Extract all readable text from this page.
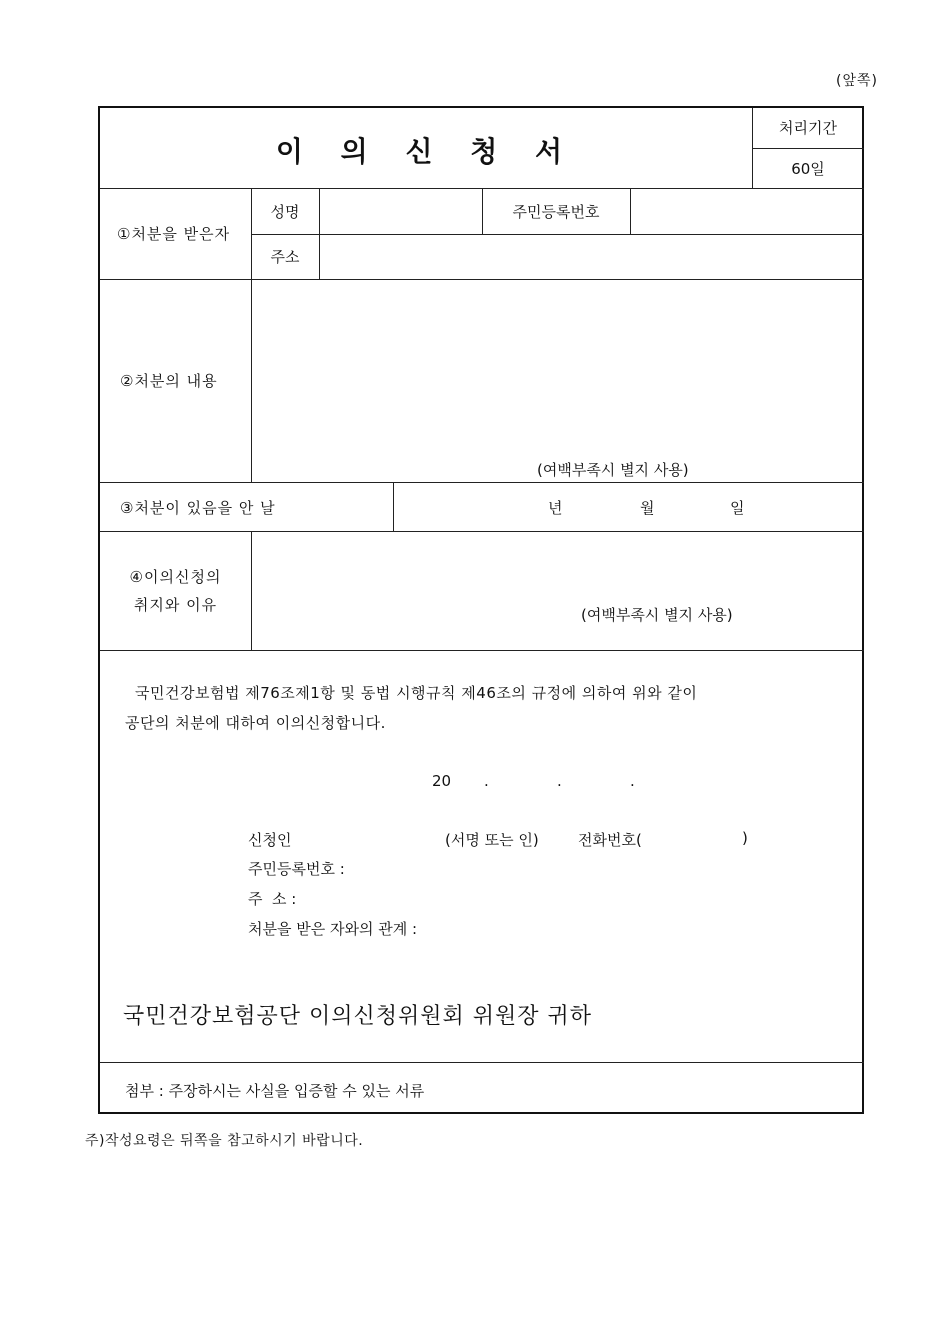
(앞쪽)
이 의 신 청 서
처리기간
60일
①처분을 받은자
성명	주민등록번호
주소
②처분의 내용
(여백부족시 별지 사용)
③처분이 있음을 안 날	년	월	일
④이의신청의
취지와 이유
(여백부족시 별지 사용)
국민건강보험법 제76조제1항 및 동법 시행규칙 제46조의 규정에 의하여 위와 같이
공단의 처분에 대하여 이의신청합니다.
20 .	.	.
신청인	(서명 또는 인)	전화번호(	)
주민등록번호 :
주  소 :
처분을 받은 자와의 관계 :
국민건강보험공단 이의신청위원회 위원장 귀하
첨부 : 주장하시는 사실을 입증할 수 있는 서류
주)작성요령은 뒤쪽을 참고하시기 바랍니다.
